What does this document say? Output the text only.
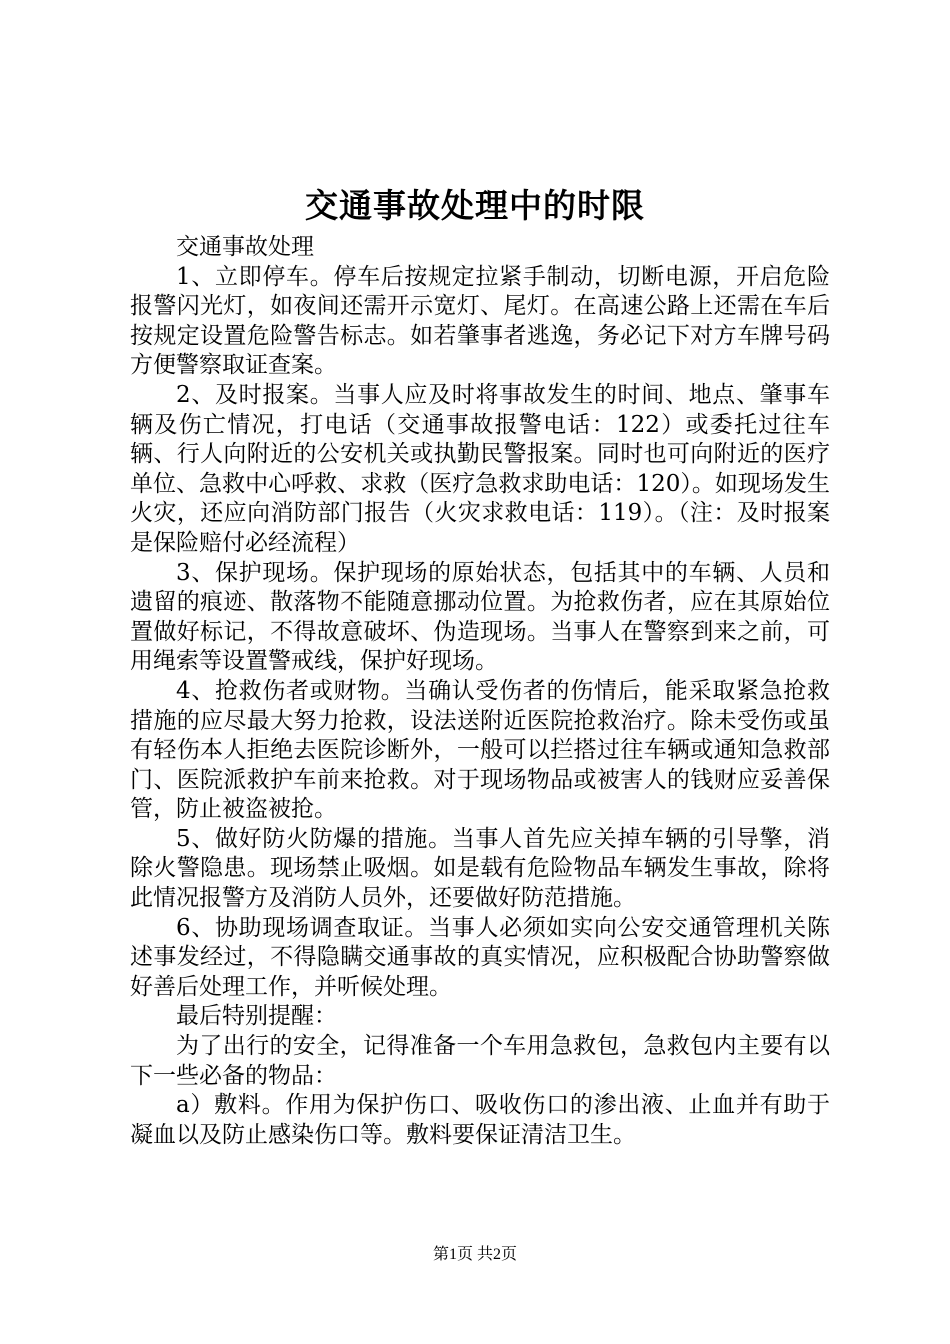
交通事故处理中的时限

交通事故处理

1、立即停车。停车后按规定拉紧手制动，切断电源，开启危险报警闪光灯，如夜间还需开示宽灯、尾灯。在高速公路上还需在车后按规定设置危险警告标志。如若肇事者逃逸，务必记下对方车牌号码方便警察取证查案。

2、及时报案。当事人应及时将事故发生的时间、地点、肇事车辆及伤亡情况，打电话（交通事故报警电话：122）或委托过往车辆、行人向附近的公安机关或执勤民警报案。同时也可向附近的医疗单位、急救中心呼救、求救（医疗急救求助电话：120）。如现场发生火灾，还应向消防部门报告（火灾求救电话：119）。（注：及时报案是保险赔付必经流程）

3、保护现场。保护现场的原始状态，包括其中的车辆、人员和遗留的痕迹、散落物不能随意挪动位置。为抢救伤者，应在其原始位置做好标记，不得故意破坏、伪造现场。当事人在警察到来之前，可用绳索等设置警戒线，保护好现场。

4、抢救伤者或财物。当确认受伤者的伤情后，能采取紧急抢救措施的应尽最大努力抢救，设法送附近医院抢救治疗。除未受伤或虽有轻伤本人拒绝去医院诊断外，一般可以拦搭过往车辆或通知急救部门、医院派救护车前来抢救。对于现场物品或被害人的钱财应妥善保管，防止被盗被抢。

5、做好防火防爆的措施。当事人首先应关掉车辆的引导擎，消除火警隐患。现场禁止吸烟。如是载有危险物品车辆发生事故，除将此情况报警方及消防人员外，还要做好防范措施。

6、协助现场调查取证。当事人必须如实向公安交通管理机关陈述事发经过，不得隐瞒交通事故的真实情况，应积极配合协助警察做好善后处理工作，并听候处理。

最后特别提醒：

为了出行的安全，记得准备一个车用急救包，急救包内主要有以下一些必备的物品：

a）敷料。作用为保护伤口、吸收伤口的渗出液、止血并有助于凝血以及防止感染伤口等。敷料要保证清洁卫生。

第1页 共2页
